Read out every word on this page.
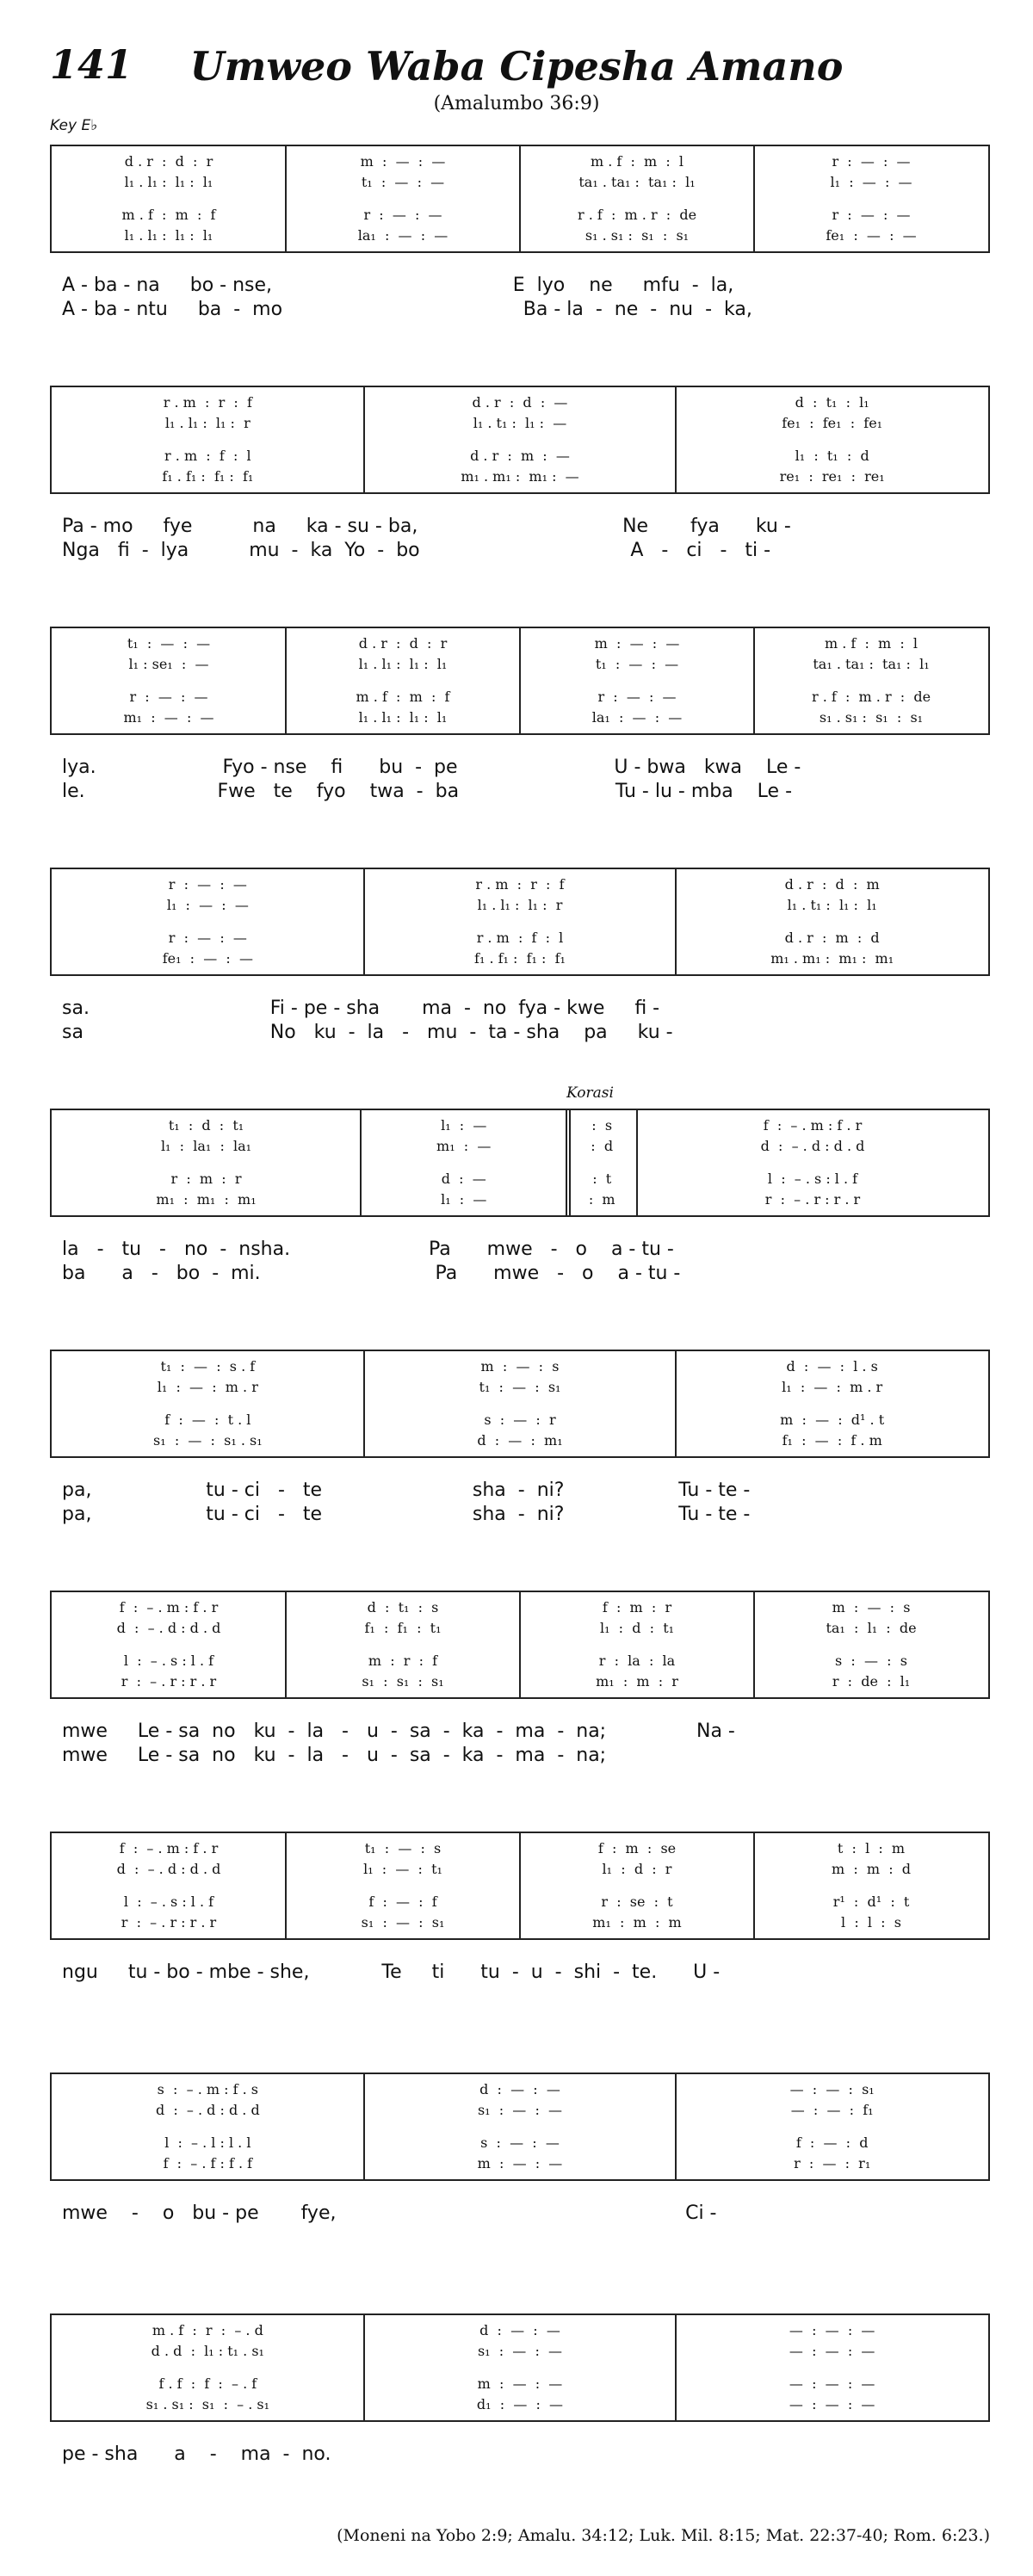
141	Umweo Waba Cipesha Amano
(Amalumbo 36:9)
Key E♭
d . r  :  d  :  r
l₁ . l₁ :  l₁ :  l₁
m . f  :  m  :  f
l₁ . l₁ :  l₁ :  l₁
m  :  —  :  —
t₁  :  —  :  —
r  :  —  :  —
la₁  :  —  :  —
m . f  :  m  :  l
ta₁ . ta₁ :  ta₁ :  l₁
r . f  :  m . r  :  de
s₁ . s₁ :  s₁  :  s₁
r  :  —  :  —
l₁  :  —  :  —
r  :  —  :  —
fe₁  :  —  :  —
A - ba - na     bo - nse,                                        E  lyo    ne     mfu  -  la,
A - ba - ntu     ba  -  mo                                        Ba - la  -  ne  -  nu  -  ka,
r . m  :  r  :  f
l₁ . l₁ :  l₁ :  r
r . m  :  f  :  l
f₁ . f₁ :  f₁ :  f₁
d . r  :  d  :  —
l₁ . t₁ :  l₁ :  —
d . r  :  m  :  —
m₁ . m₁ :  m₁ :  —
d  :  t₁  :  l₁
fe₁  :  fe₁  :  fe₁
l₁  :  t₁  :  d
re₁  :  re₁  :  re₁
Pa - mo     fye          na     ka - su - ba,                                  Ne       fya      ku -
Nga   fi  -  lya          mu  -  ka  Yo  -  bo                                   A   -   ci   -   ti -
t₁  :  —  :  —
l₁ : se₁  :  —
r  :  —  :  —
m₁  :  —  :  —
d . r  :  d  :  r
l₁ . l₁ :  l₁ :  l₁
m . f  :  m  :  f
l₁ . l₁ :  l₁ :  l₁
m  :  —  :  —
t₁  :  —  :  —
r  :  —  :  —
la₁  :  —  :  —
m . f  :  m  :  l
ta₁ . ta₁ :  ta₁ :  l₁
r . f  :  m . r  :  de
s₁ . s₁ :  s₁  :  s₁
lya.                     Fyo - nse    fi      bu  -  pe                          U - bwa   kwa    Le -
le.                      Fwe   te    fyo    twa  -  ba                          Tu - lu - mba    Le -
r  :  —  :  —
l₁  :  —  :  —
r  :  —  :  —
fe₁  :  —  :  —
r . m  :  r  :  f
l₁ . l₁ :  l₁ :  r
r . m  :  f  :  l
f₁ . f₁ :  f₁ :  f₁
d . r  :  d  :  m
l₁ . t₁ :  l₁ :  l₁
d . r  :  m  :  d
m₁ . m₁ :  m₁ :  m₁
sa.                              Fi - pe - sha       ma  -  no  fya - kwe     fi -
sa                               No   ku  -  la   -   mu  -  ta - sha    pa     ku -
t₁  :  d  :  t₁
l₁  :  la₁  :  la₁
r  :  m  :  r
m₁  :  m₁  :  m₁
l₁  :  —
m₁  :  —
d  :  —
l₁  :  —
:  s
:  d
:  t
:  m
f  :  – . m : f . r
d  :  – . d : d . d
l  :  – . s : l . f
r  :  – . r : r . r
Korasi
la   -   tu   -   no  -  nsha.                       Pa      mwe   -   o    a - tu -
ba      a   -   bo  -  mi.                             Pa      mwe   -   o    a - tu -
t₁  :  —  :  s . f
l₁  :  —  :  m . r
f  :  —  :  t . l
s₁  :  —  :  s₁ . s₁
m  :  —  :  s
t₁  :  —  :  s₁
s  :  —  :  r
d  :  —  :  m₁
d  :  —  :  l . s
l₁  :  —  :  m . r
m  :  —  :  d¹ . t
f₁  :  —  :  f . m
pa,                   tu - ci   -   te                         sha  -  ni?                   Tu - te -
pa,                   tu - ci   -   te                         sha  -  ni?                   Tu - te -
f  :  – . m : f . r
d  :  – . d : d . d
l  :  – . s : l . f
r  :  – . r : r . r
d  :  t₁  :  s
f₁  :  f₁  :  t₁
m  :  r  :  f
s₁  :  s₁  :  s₁
f  :  m  :  r
l₁  :  d  :  t₁
r  :  la  :  la
m₁  :  m  :  r
m  :  —  :  s
ta₁  :  l₁  :  de
s  :  —  :  s
r  :  de  :  l₁
mwe     Le - sa  no   ku  -  la   -   u  -  sa  -  ka  -  ma  -  na;               Na -
mwe     Le - sa  no   ku  -  la   -   u  -  sa  -  ka  -  ma  -  na;
f  :  – . m : f . r
d  :  – . d : d . d
l  :  – . s : l . f
r  :  – . r : r . r
t₁  :  —  :  s
l₁  :  —  :  t₁
f  :  —  :  f
s₁  :  —  :  s₁
f  :  m  :  se
l₁  :  d  :  r
r  :  se  :  t
m₁  :  m  :  m
t  :  l  :  m
m  :  m  :  d
r¹  :  d¹  :  t
l  :  l  :  s
ngu     tu - bo - mbe - she,            Te     ti      tu  -  u  -  shi  -  te.      U -
s  :  – . m : f . s
d  :  – . d : d . d
l  :  – . l : l . l
f  :  – . f : f . f
d  :  —  :  —
s₁  :  —  :  —
s  :  —  :  —
m  :  —  :  —
—  :  —  :  s₁
—  :  —  :  f₁
f  :  —  :  d
r  :  —  :  r₁
mwe    -    o   bu - pe       fye,                                                          Ci -
m . f  :  r  :  – . d
d . d  :  l₁ : t₁ . s₁
f . f  :  f  :  – . f
s₁ . s₁ :  s₁  :  – . s₁
d  :  —  :  —
s₁  :  —  :  —
m  :  —  :  —
d₁  :  —  :  —
—  :  —  :  —
—  :  —  :  —
—  :  —  :  —
—  :  —  :  —
pe - sha      a    -    ma  -  no.
(Moneni na Yobo 2:9; Amalu. 34:12; Luk. Mil. 8:15; Mat. 22:37-40; Rom. 6:23.)
